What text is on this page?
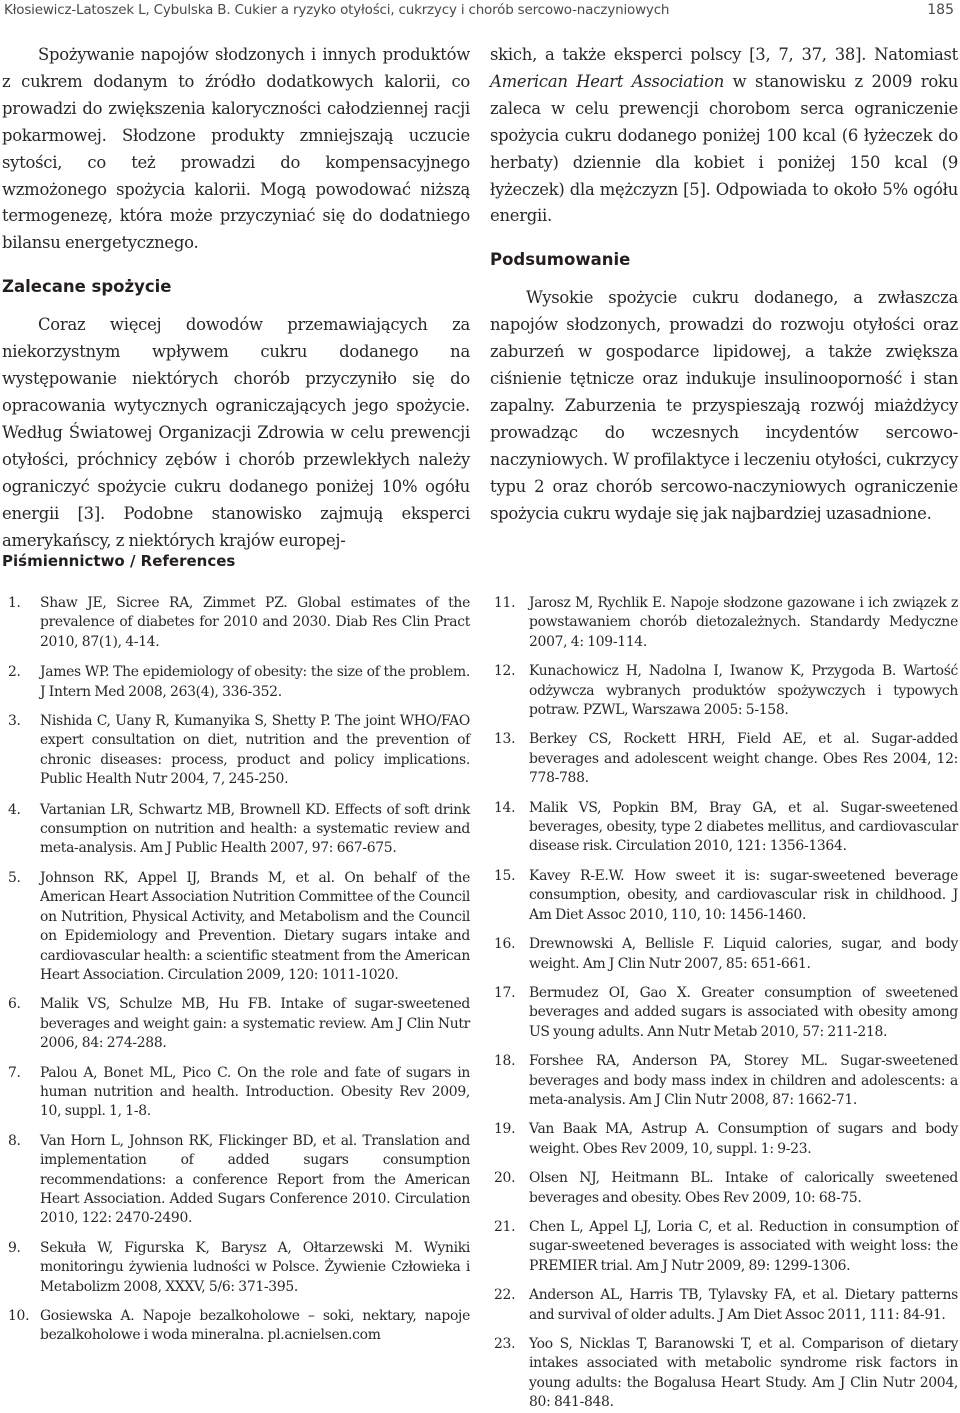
Kłosiewicz-Latoszek L, Cybulska B. Cukier a ryzyko otyłości, cukrzycy i chorób sercowo-naczyniowych	185

Spożywanie napojów słodzonych i innych produktów z cukrem dodanym to źródło dodatkowych kalorii, co prowadzi do zwiększenia kaloryczności całodziennej racji pokarmowej. Słodzone produkty zmniejszają uczucie sytości, co też prowadzi do kompensacyjnego wzmożonego spożycia kalorii. Mogą powodować niższą termogenezę, która może przyczyniać się do dodatniego bilansu energetycznego.

Zalecane spożycie

Coraz więcej dowodów przemawiających za niekorzystnym wpływem cukru dodanego na występowanie niektórych chorób przyczyniło się do opracowania wytycznych ograniczających jego spożycie. Według Światowej Organizacji Zdrowia w celu prewencji otyłości, próchnicy zębów i chorób przewlekłych należy ograniczyć spożycie cukru dodanego poniżej 10% ogółu energii [3]. Podobne stanowisko zajmują eksperci amerykańscy, z niektórych krajów europej-

skich, a także eksperci polscy [3, 7, 37, 38]. Natomiast American Heart Association w stanowisku z 2009 roku zaleca w celu prewencji chorobom serca ograniczenie spożycia cukru dodanego poniżej 100 kcal (6 łyżeczek do herbaty) dziennie dla kobiet i poniżej 150 kcal (9 łyżeczek) dla mężczyzn [5]. Odpowiada to około 5% ogółu energii.

Podsumowanie

Wysokie spożycie cukru dodanego, a zwłaszcza napojów słodzonych, prowadzi do rozwoju otyłości oraz zaburzeń w gospodarce lipidowej, a także zwiększa ciśnienie tętnicze oraz indukuje insulinooporność i stan zapalny. Zaburzenia te przyspieszają rozwój miażdżycy prowadząc do wczesnych incydentów sercowo-naczyniowych. W profilaktyce i leczeniu otyłości, cukrzycy typu 2 oraz chorób sercowo-naczyniowych ograniczenie spożycia cukru wydaje się jak najbardziej uzasadnione.

Piśmiennictwo / References
1. Shaw JE, Sicree RA, Zimmet PZ. Global estimates of the prevalence of diabetes for 2010 and 2030. Diab Res Clin Pract 2010, 87(1), 4-14.
2. James WP. The epidemiology of obesity: the size of the problem. J Intern Med 2008, 263(4), 336-352.
3. Nishida C, Uany R, Kumanyika S, Shetty P. The joint WHO/FAO expert consultation on diet, nutrition and the prevention of chronic diseases: process, product and policy implications. Public Health Nutr 2004, 7, 245-250.
4. Vartanian LR, Schwartz MB, Brownell KD. Effects of soft drink consumption on nutrition and health: a systematic review and meta-analysis. Am J Public Health 2007, 97: 667-675.
5. Johnson RK, Appel IJ, Brands M, et al. On behalf of the American Heart Association Nutrition Committee of the Council on Nutrition, Physical Activity, and Metabolism and the Council on Epidemiology and Prevention. Dietary sugars intake and cardiovascular health: a scientific steatment from the American Heart Association. Circulation 2009, 120: 1011-1020.
6. Malik VS, Schulze MB, Hu FB. Intake of sugar-sweetened beverages and weight gain: a systematic review. Am J Clin Nutr 2006, 84: 274-288.
7. Palou A, Bonet ML, Pico C. On the role and fate of sugars in human nutrition and health. Introduction. Obesity Rev 2009, 10, suppl. 1, 1-8.
8. Van Horn L, Johnson RK, Flickinger BD, et al. Translation and implementation of added sugars consumption recommendations: a conference Report from the American Heart Association. Added Sugars Conference 2010. Circulation 2010, 122: 2470-2490.
9. Sekuła W, Figurska K, Barysz A, Ołtarzewski M. Wyniki monitoringu żywienia ludności w Polsce. Żywienie Człowieka i Metabolizm 2008, XXXV, 5/6: 371-395.
10. Gosiewska A. Napoje bezalkoholowe – soki, nektary, napoje bezalkoholowe i woda mineralna. pl.acnielsen.com
11. Jarosz M, Rychlik E. Napoje słodzone gazowane i ich związek z powstawaniem chorób dietozależnych. Standardy Medyczne 2007, 4: 109-114.
12. Kunachowicz H, Nadolna I, Iwanow K, Przygoda B. Wartość odżywcza wybranych produktów spożywczych i typowych potraw. PZWL, Warszawa 2005: 5-158.
13. Berkey CS, Rockett HRH, Field AE, et al. Sugar-added beverages and adolescent weight change. Obes Res 2004, 12: 778-788.
14. Malik VS, Popkin BM, Bray GA, et al. Sugar-sweetened beverages, obesity, type 2 diabetes mellitus, and cardiovascular disease risk. Circulation 2010, 121: 1356-1364.
15. Kavey R-E.W. How sweet it is: sugar-sweetened beverage consumption, obesity, and cardiovascular risk in childhood. J Am Diet Assoc 2010, 110, 10: 1456-1460.
16. Drewnowski A, Bellisle F. Liquid calories, sugar, and body weight. Am J Clin Nutr 2007, 85: 651-661.
17. Bermudez OI, Gao X. Greater consumption of sweetened beverages and added sugars is associated with obesity among US young adults. Ann Nutr Metab 2010, 57: 211-218.
18. Forshee RA, Anderson PA, Storey ML. Sugar-sweetened beverages and body mass index in children and adolescents: a meta-analysis. Am J Clin Nutr 2008, 87: 1662-71.
19. Van Baak MA, Astrup A. Consumption of sugars and body weight. Obes Rev 2009, 10, suppl. 1: 9-23.
20. Olsen NJ, Heitmann BL. Intake of calorically sweetened beverages and obesity. Obes Rev 2009, 10: 68-75.
21. Chen L, Appel LJ, Loria C, et al. Reduction in consumption of sugar-sweetened beverages is associated with weight loss: the PREMIER trial. Am J Nutr 2009, 89: 1299-1306.
22. Anderson AL, Harris TB, Tylavsky FA, et al. Dietary patterns and survival of older adults. J Am Diet Assoc 2011, 111: 84-91.
23. Yoo S, Nicklas T, Baranowski T, et al. Comparison of dietary intakes associated with metabolic syndrome risk factors in young adults: the Bogalusa Heart Study. Am J Clin Nutr 2004, 80: 841-848.
